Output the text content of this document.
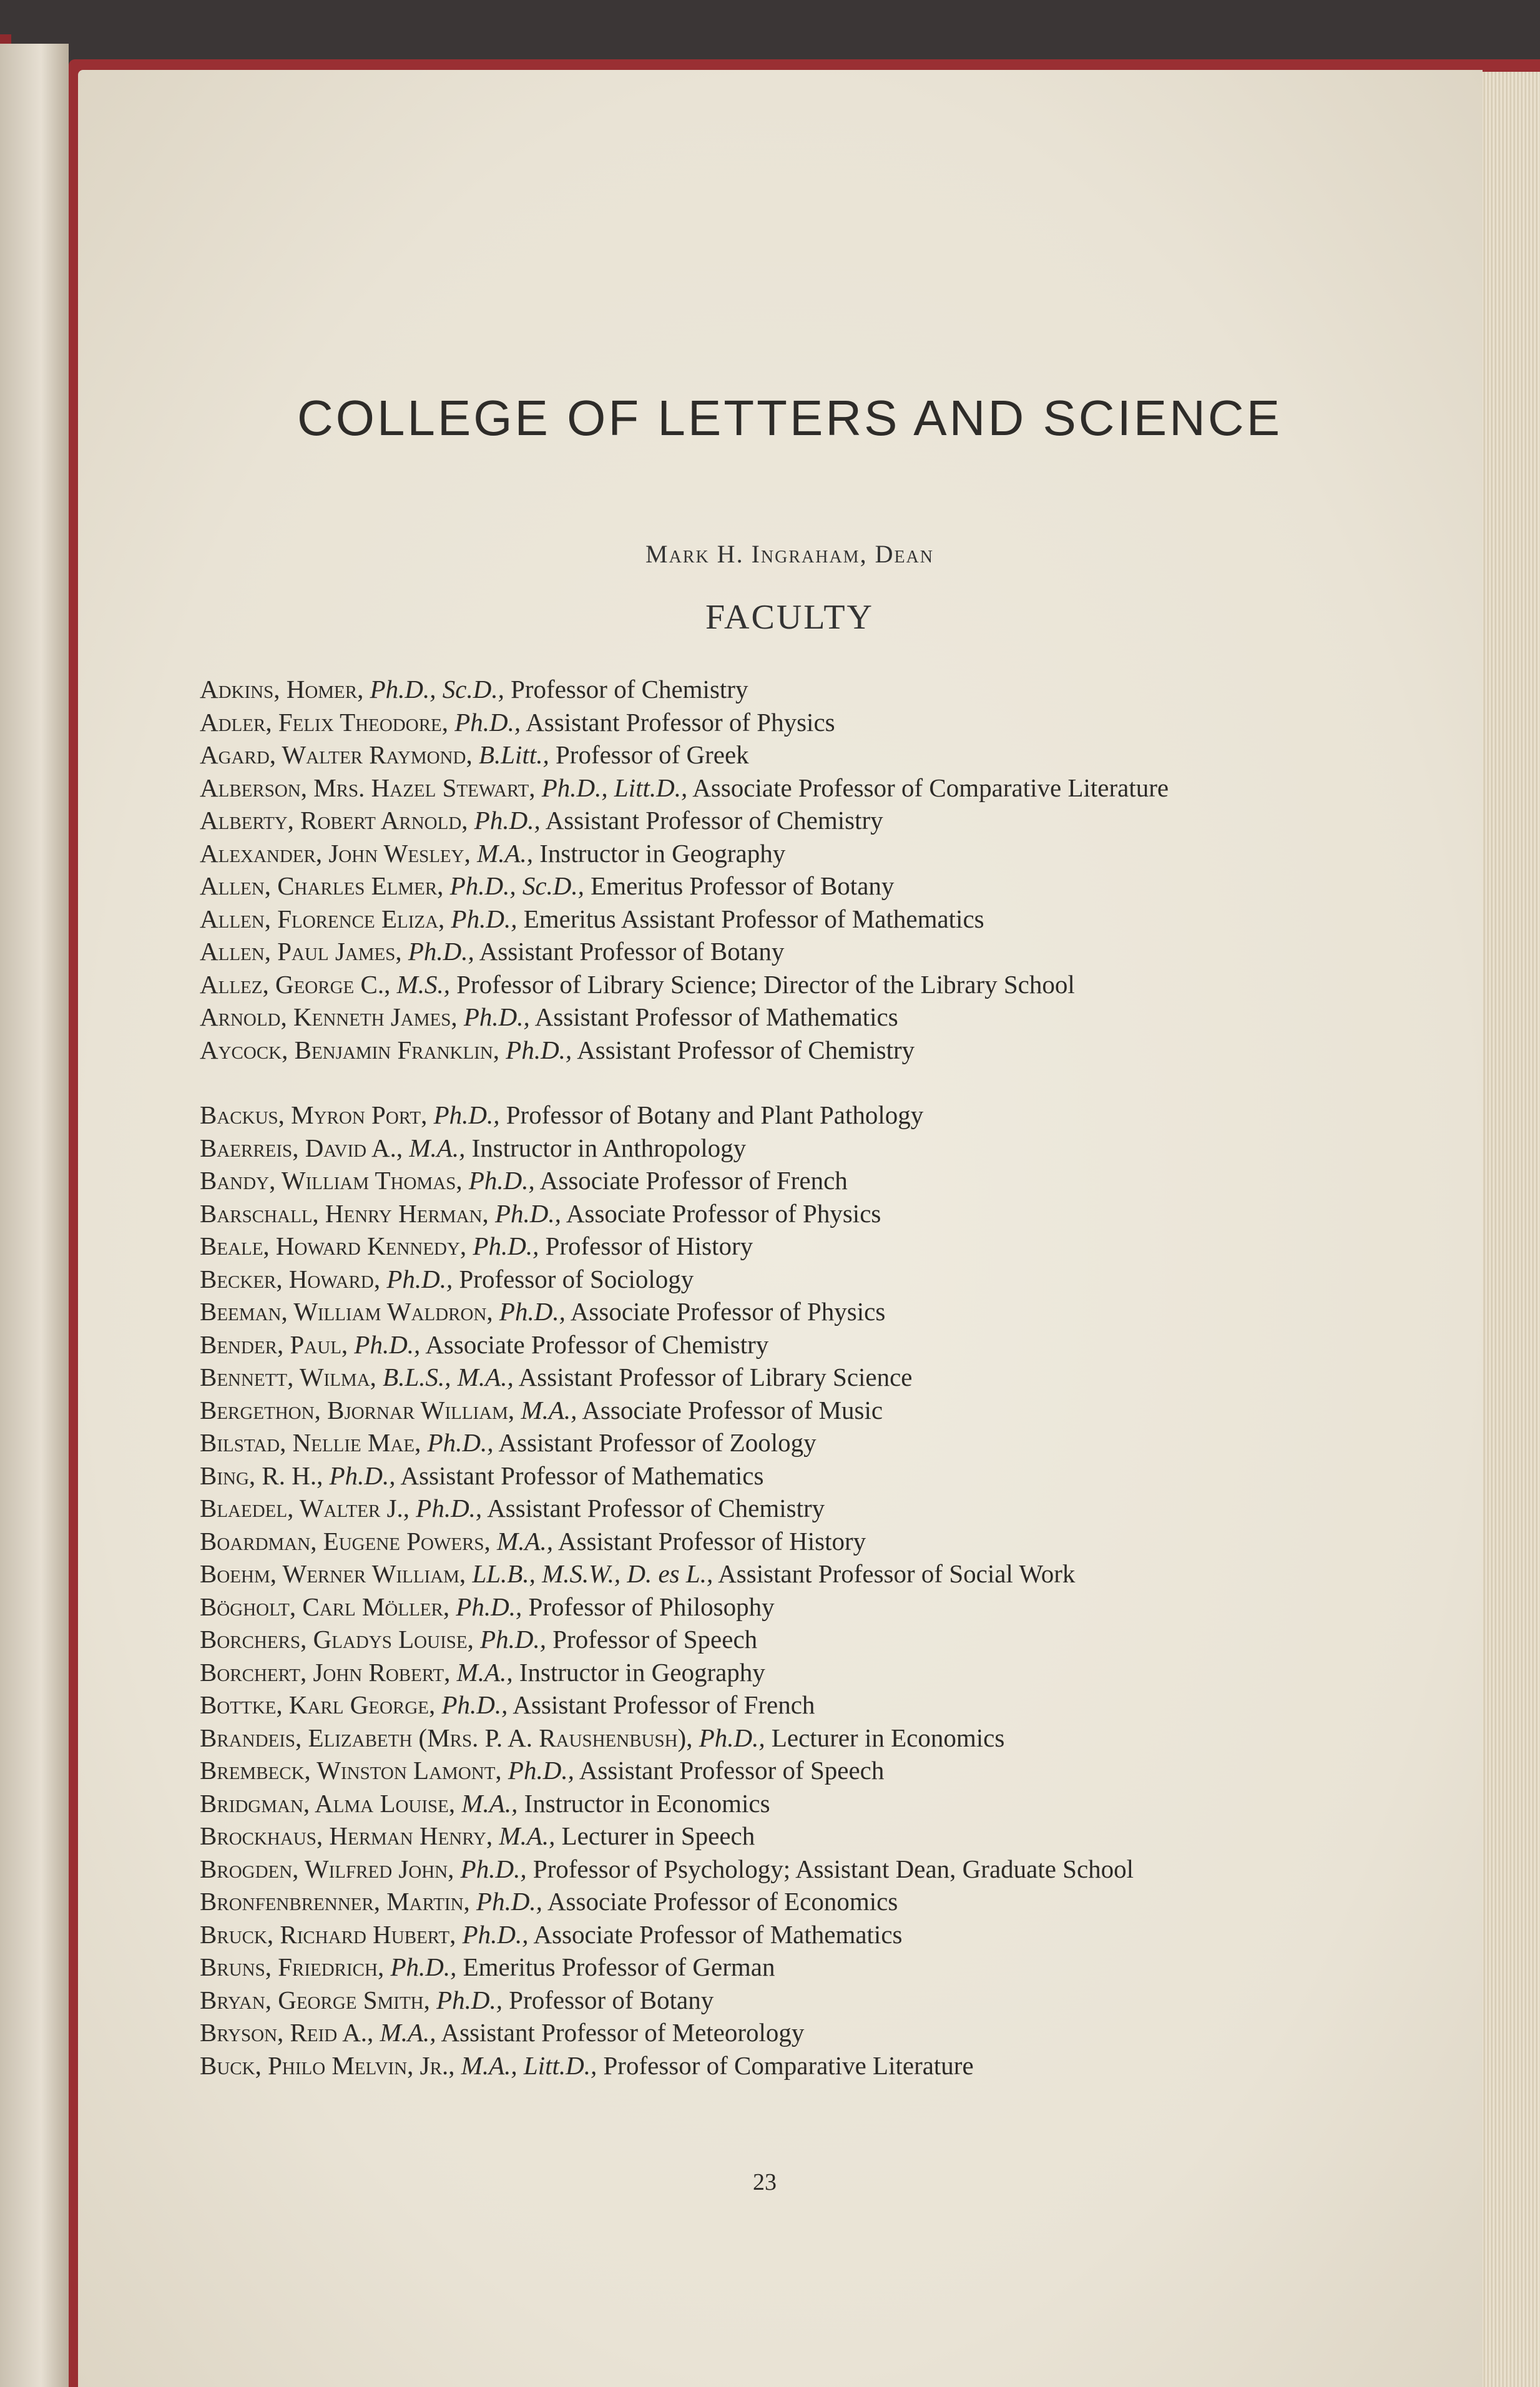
COLLEGE OF LETTERS AND SCIENCE
Mark H. Ingraham, Dean
FACULTY
Adkins, Homer, Ph.D., Sc.D., Professor of Chemistry
Adler, Felix Theodore, Ph.D., Assistant Professor of Physics
Agard, Walter Raymond, B.Litt., Professor of Greek
Alberson, Mrs. Hazel Stewart, Ph.D., Litt.D., Associate Professor of Comparative Literature
Alberty, Robert Arnold, Ph.D., Assistant Professor of Chemistry
Alexander, John Wesley, M.A., Instructor in Geography
Allen, Charles Elmer, Ph.D., Sc.D., Emeritus Professor of Botany
Allen, Florence Eliza, Ph.D., Emeritus Assistant Professor of Mathematics
Allen, Paul James, Ph.D., Assistant Professor of Botany
Allez, George C., M.S., Professor of Library Science; Director of the Library School
Arnold, Kenneth James, Ph.D., Assistant Professor of Mathematics
Aycock, Benjamin Franklin, Ph.D., Assistant Professor of Chemistry
Backus, Myron Port, Ph.D., Professor of Botany and Plant Pathology
Baerreis, David A., M.A., Instructor in Anthropology
Bandy, William Thomas, Ph.D., Associate Professor of French
Barschall, Henry Herman, Ph.D., Associate Professor of Physics
Beale, Howard Kennedy, Ph.D., Professor of History
Becker, Howard, Ph.D., Professor of Sociology
Beeman, William Waldron, Ph.D., Associate Professor of Physics
Bender, Paul, Ph.D., Associate Professor of Chemistry
Bennett, Wilma, B.L.S., M.A., Assistant Professor of Library Science
Bergethon, Bjornar William, M.A., Associate Professor of Music
Bilstad, Nellie Mae, Ph.D., Assistant Professor of Zoology
Bing, R. H., Ph.D., Assistant Professor of Mathematics
Blaedel, Walter J., Ph.D., Assistant Professor of Chemistry
Boardman, Eugene Powers, M.A., Assistant Professor of History
Boehm, Werner William, LL.B., M.S.W., D. es L., Assistant Professor of Social Work
Bögholt, Carl Möller, Ph.D., Professor of Philosophy
Borchers, Gladys Louise, Ph.D., Professor of Speech
Borchert, John Robert, M.A., Instructor in Geography
Bottke, Karl George, Ph.D., Assistant Professor of French
Brandeis, Elizabeth (Mrs. P. A. Raushenbush), Ph.D., Lecturer in Economics
Brembeck, Winston Lamont, Ph.D., Assistant Professor of Speech
Bridgman, Alma Louise, M.A., Instructor in Economics
Brockhaus, Herman Henry, M.A., Lecturer in Speech
Brogden, Wilfred John, Ph.D., Professor of Psychology; Assistant Dean, Graduate School
Bronfenbrenner, Martin, Ph.D., Associate Professor of Economics
Bruck, Richard Hubert, Ph.D., Associate Professor of Mathematics
Bruns, Friedrich, Ph.D., Emeritus Professor of German
Bryan, George Smith, Ph.D., Professor of Botany
Bryson, Reid A., M.A., Assistant Professor of Meteorology
Buck, Philo Melvin, Jr., M.A., Litt.D., Professor of Comparative Literature
23
